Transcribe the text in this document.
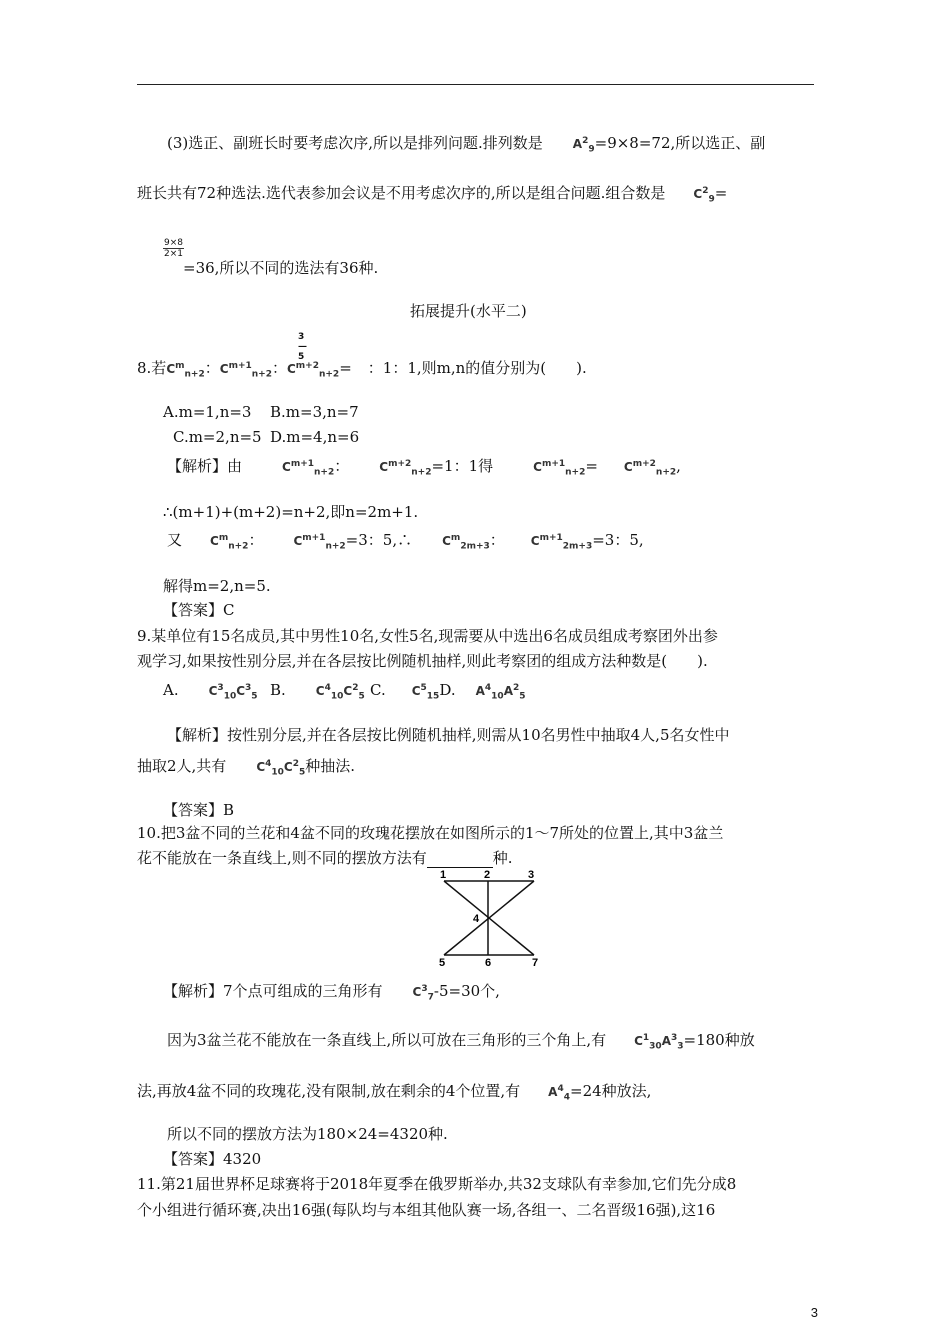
(3)选正、副班长时要考虑次序,所以是排列问题.排列数是	$A^2_9=9\times 8=72$,所以选正、副
班长共有72种选法.选代表参加会议是不用考虑次序的,所以是组合问题.组合数是 $C^2_9=$
$\frac{9\times 8}{2\times 1}$
=36,所以不同的选法有36种.
拓展提升(水平二)
8.若$C^m_{n+2}$：$C^{m+1}_{n+2}$：$C^{m+2}_{n+2}=$ ：1：1,则m,n的值分别为(　　).
3
—
5
A.m=1,n=3 B.m=3,n=7
C.m=2,n=5 D.m=4,n=6
【解析】由	$C^{m+1}_{n+2}$：	$C^{m+2}_{n+2}=1$：1得	$C^{m+1}_{n+2}= C^{m+2}_{n+2}$,
∴(m+1)+(m+2)=n+2,即n=2m+1.
又 $C^m_{n+2}$：	$C^{m+1}_{n+2}=3$：5,∴	$C^m_{2m+3}$： $C^{m+1}_{2m+3}=3$：5,
解得m=2,n=5.
【答案】C
9.某单位有15名成员,其中男性10名,女性5名,现需要从中选出6名成员组成考察团外出参
观学习,如果按性别分层,并在各层按比例随机抽样,则此考察团的组成方法种数是(　　).
A.	$C^3_{10}C^3_5$ B.	$C^4_{10}C^2_5$ C. $C^5_{15}D$. $A^4_{10}A^2_5$
【解析】按性别分层,并在各层按比例随机抽样,则需从10名男性中抽取4人,5名女性中
抽取2人,共有	$C^4_{10}C^2_5$种抽法.
【答案】B
10.把3盆不同的兰花和4盆不同的玫瑰花摆放在如图所示的1～7所处的位置上,其中3盆兰
花不能放在一条直线上,则不同的摆放方法有	种.
1	2	3
4
5	6	7
【解析】7个点可组成的三角形有	$C^3_7-5=30$个,
因为3盆兰花不能放在一条直线上,所以可放在三角形的三个角上,有 $C^1_{30}A^3_3=180$种放
法,再放4盆不同的玫瑰花,没有限制,放在剩余的4个位置,有 $A^4_4=24$种放法,
所以不同的摆放方法为180×24=4320种.
【答案】4320
11.第21届世界杯足球赛将于2018年夏季在俄罗斯举办,共32支球队有幸参加,它们先分成8
个小组进行循环赛,决出16强(每队均与本组其他队赛一场,各组一、二名晋级16强),这16
3
